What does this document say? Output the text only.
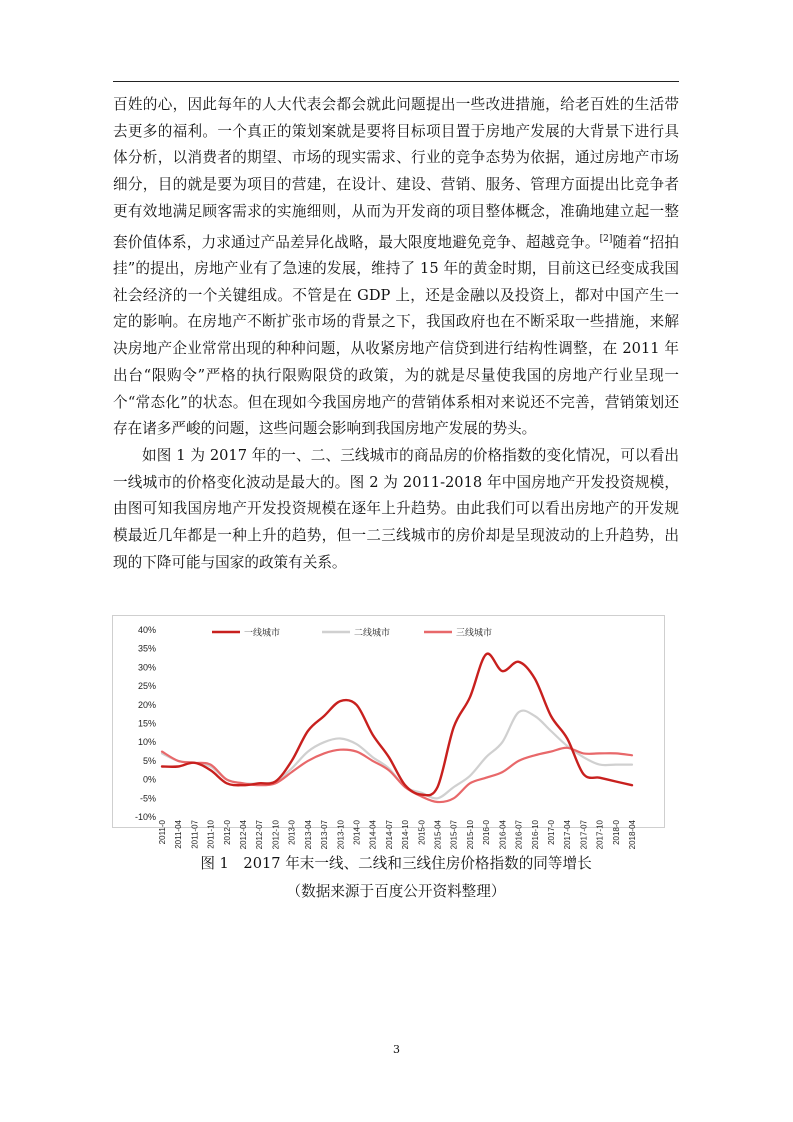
百姓的心，因此每年的人大代表会都会就此问题提出一些改进措施，给老百姓的生活带去更多的福利。一个真正的策划案就是要将目标项目置于房地产发展的大背景下进行具体分析，以消费者的期望、市场的现实需求、行业的竞争态势为依据，通过房地产市场细分，目的就是要为项目的营建，在设计、建设、营销、服务、管理方面提出比竞争者更有效地满足顾客需求的实施细则，从而为开发商的项目整体概念，准确地建立起一整套价值体系，力求通过产品差异化战略，最大限度地避免竞争、超越竞争。[2]随着“招拍挂”的提出，房地产业有了急速的发展，维持了 15 年的黄金时期，目前这已经变成我国社会经济的一个关键组成。不管是在 GDP 上，还是金融以及投资上，都对中国产生一定的影响。在房地产不断扩张市场的背景之下，我国政府也在不断采取一些措施，来解决房地产企业常常出现的种种问题，从收紧房地产信贷到进行结构性调整，在 2011 年出台“限购令”严格的执行限购限贷的政策，为的就是尽量使我国的房地产行业呈现一个“常态化”的状态。但在现如今我国房地产的营销体系相对来说还不完善，营销策划还存在诸多严峻的问题，这些问题会影响到我国房地产发展的势头。

如图 1 为 2017 年的一、二、三线城市的商品房的价格指数的变化情况，可以看出一线城市的价格变化波动是最大的。图 2 为 2011-2018 年中国房地产开发投资规模，由图可知我国房地产开发投资规模在逐年上升趋势。由此我们可以看出房地产的开发规模最近几年都是一种上升的趋势，但一二三线城市的房价却是呈现波动的上升趋势，出现的下降可能与国家的政策有关系。

40%
35%
30%
25%
20%
15%
10%
5%
0%
-5%
-10%
2011-0 2011-04 2011-07 2011-10 2012-0 2012-04 2012-07 2012-10 2013-0 2013-04 2013-07 2013-10 2014-0 2014-04 2014-07 2014-10 2015-0 2015-04 2015-07 2015-10 2016-0 2016-04 2016-07 2016-10 2017-0 2017-04 2017-07 2017-10 2018-0 2018-04
一线城市	二线城市	三线城市
图 1　2017 年末一线、二线和三线住房价格指数的同等增长
（数据来源于百度公开资料整理）
3
